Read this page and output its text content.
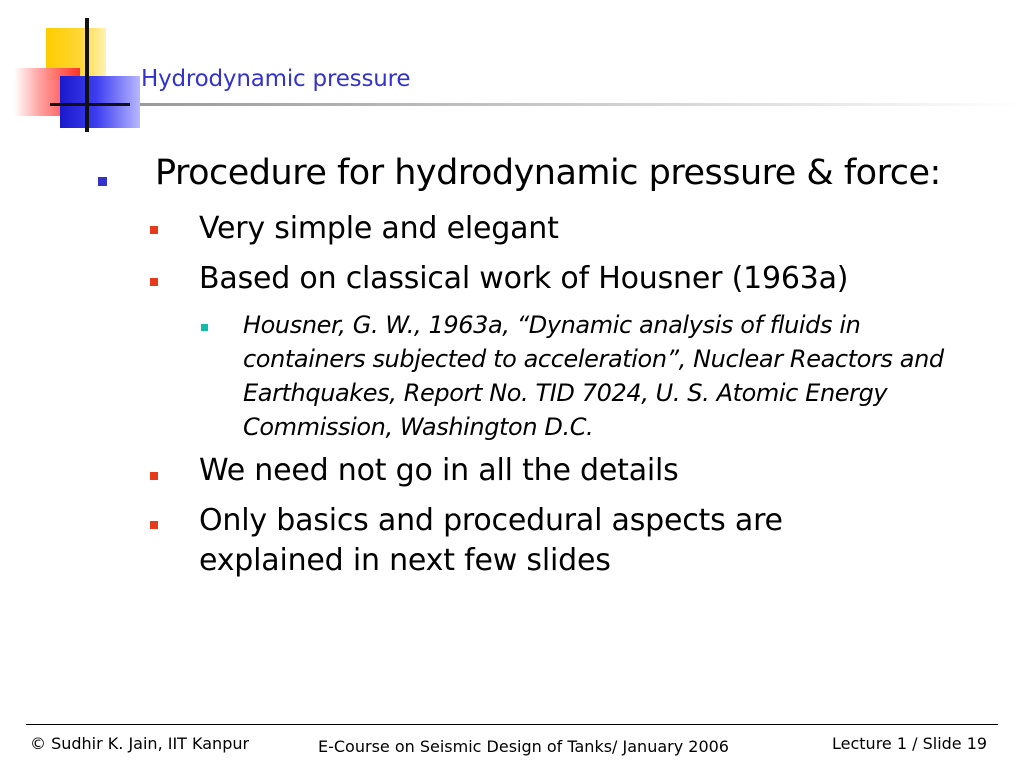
Hydrodynamic pressure
Procedure for hydrodynamic pressure & force:
Very simple and elegant
Based on classical work of Housner (1963a)
Housner, G. W., 1963a, “Dynamic analysis of fluids in
containers subjected to acceleration”, Nuclear Reactors and
Earthquakes, Report No. TID 7024, U. S. Atomic Energy
Commission, Washington D.C.
We need not go in all the details
Only basics and procedural aspects are
explained in next few slides
© Sudhir K. Jain, IIT Kanpur	E-Course on Seismic Design of Tanks/ January 2006	Lecture 1 / Slide 19
